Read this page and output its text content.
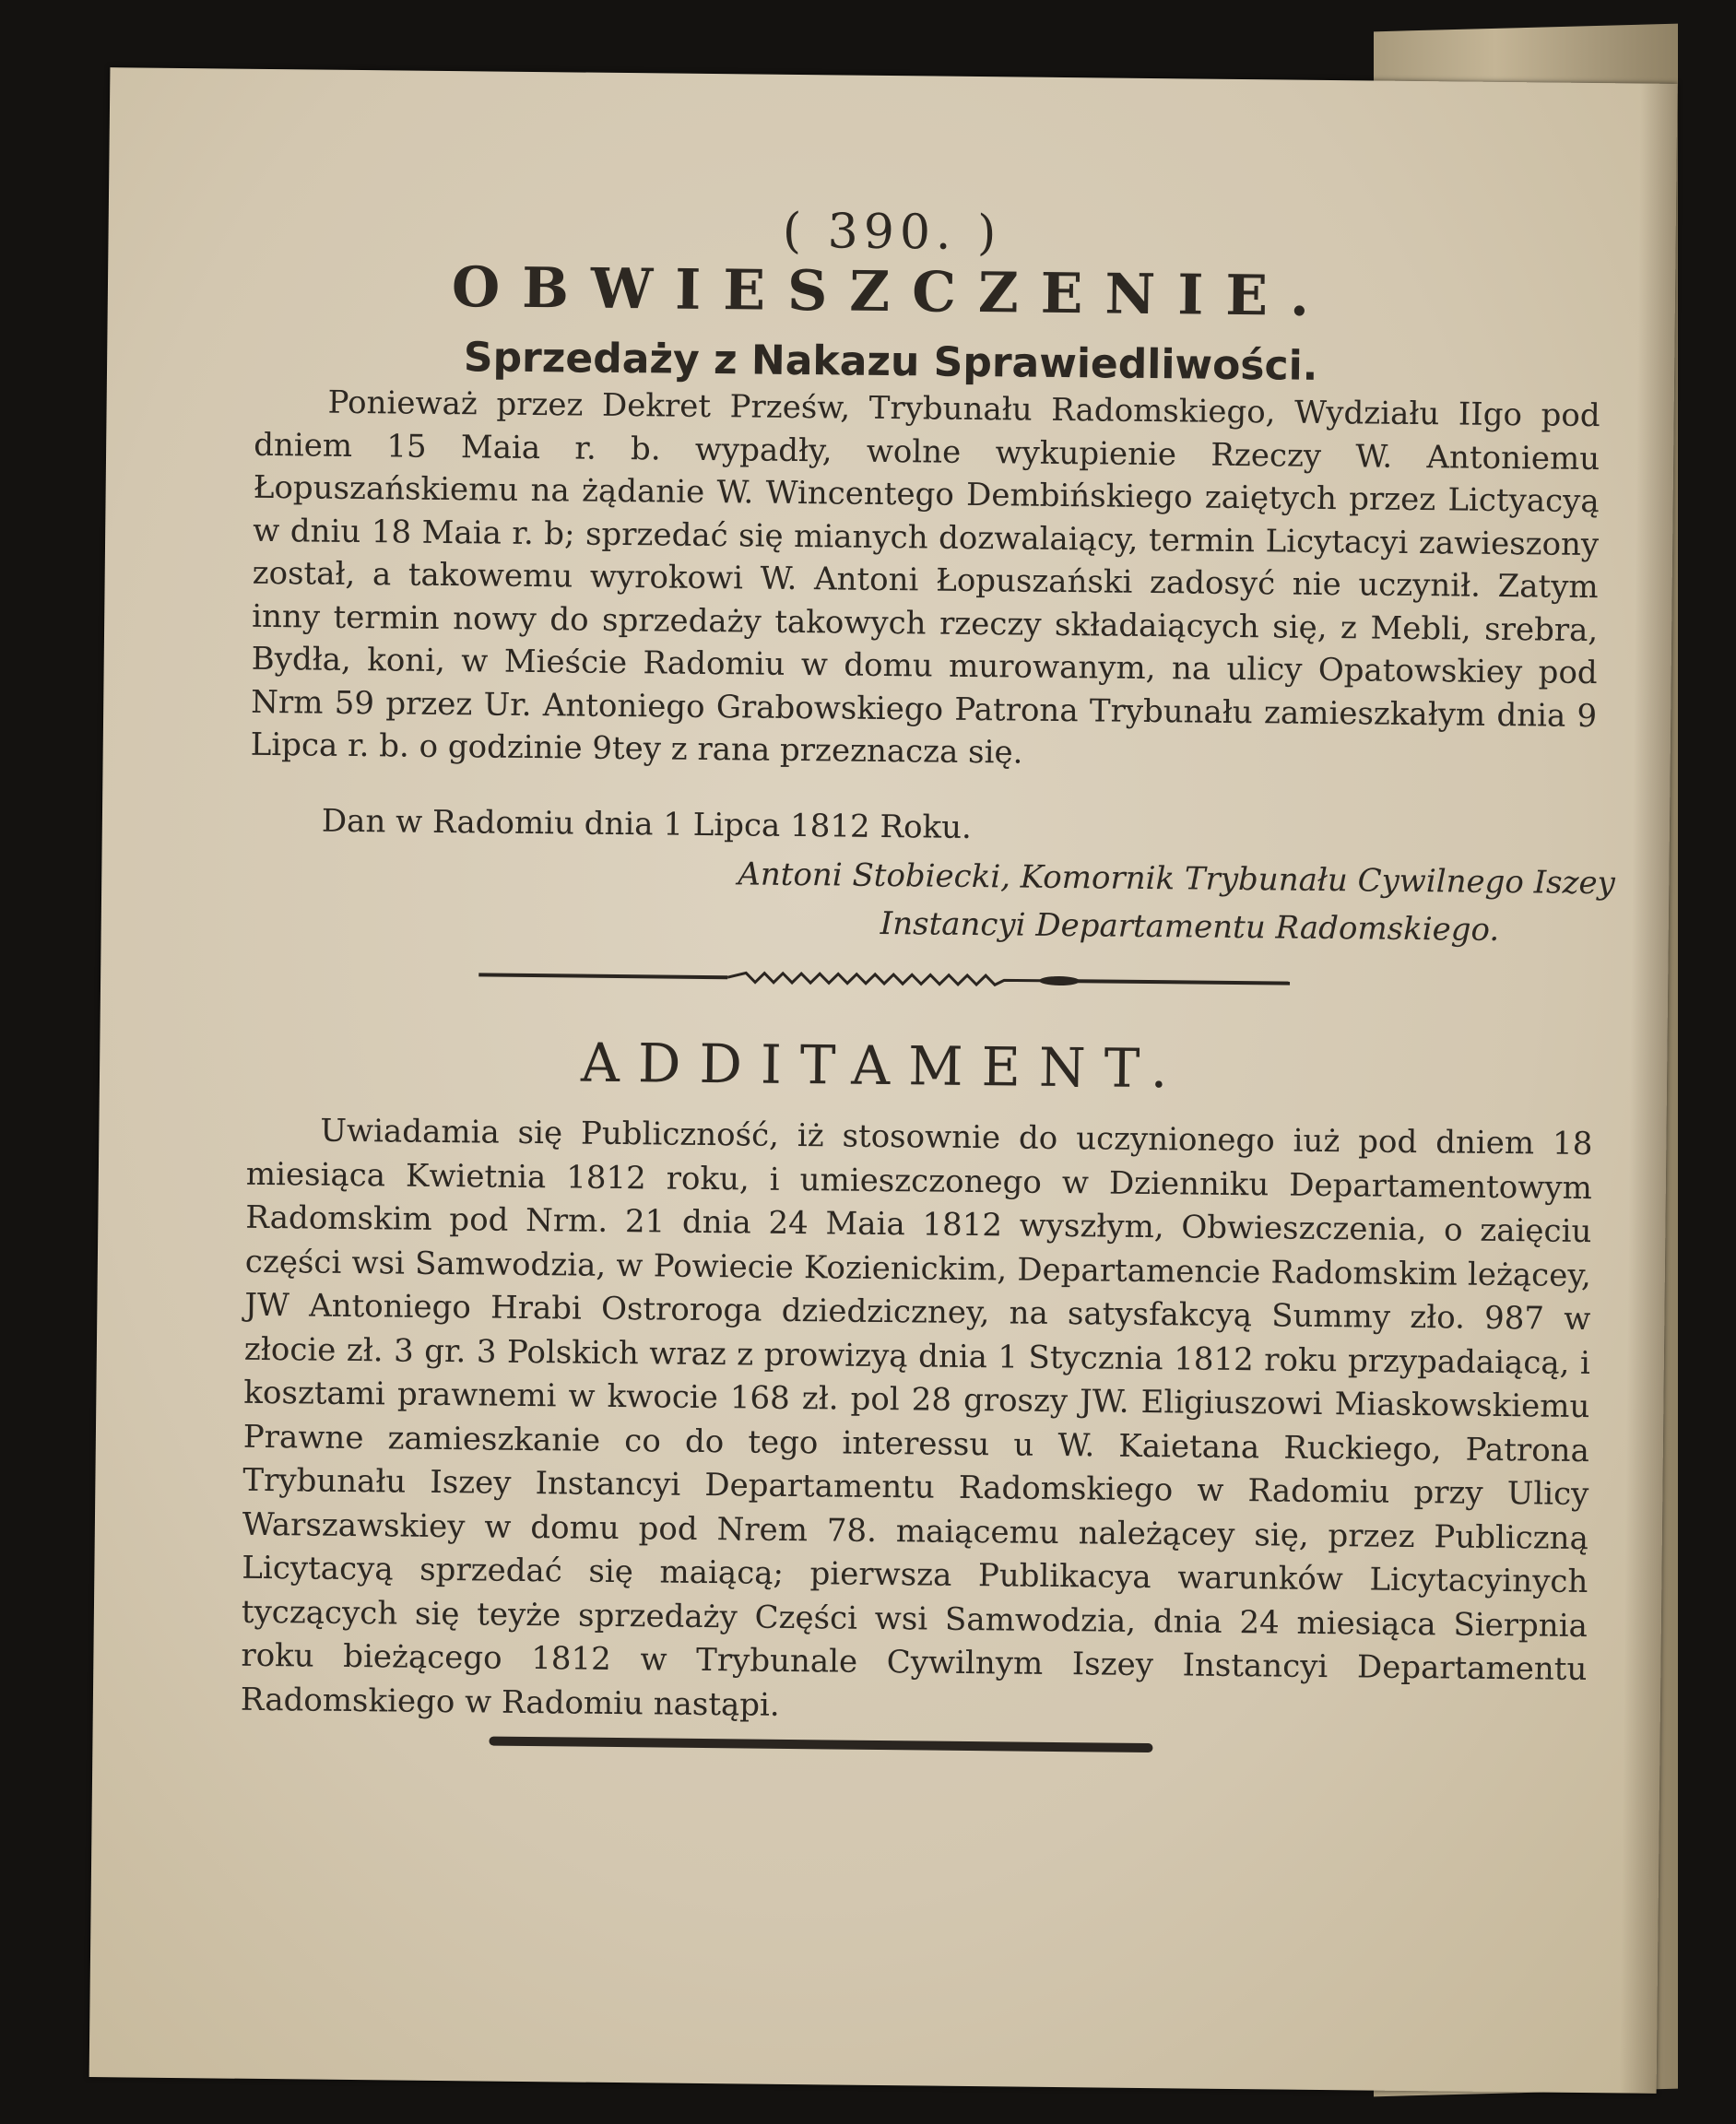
( 390. )
OBWIESZCZENIE.
Sprzedaży z Nakazu Sprawiedliwości.
Ponieważ przez Dekret Prześw, Trybunału Radomskiego, Wydziału IIgo pod dniem 15 Maia r. b. wypadły, wolne wykupienie Rzeczy W. Antoniemu Łopuszańskiemu na żądanie W. Wincentego Dembińskiego zaiętych przez Lictyacyą w dniu 18 Maia r. b; sprzedać się mianych dozwalaiący, termin Licytacyi zawieszony został, a takowemu wyrokowi W. Antoni Łopuszański zadosyć nie uczynił. Zatym inny termin nowy do sprzedaży takowych rzeczy składaiących się, z Mebli, srebra, Bydła, koni, w Mieście Radomiu w domu murowanym, na ulicy Opatowskiey pod Nrm 59 przez Ur. Antoniego Grabowskiego Patrona Trybunału zamieszkałym dnia 9 Lipca r. b. o godzinie 9tey z rana przeznacza się.
Dan w Radomiu dnia 1 Lipca 1812 Roku.
Antoni Stobiecki, Komornik Trybunału Cywilnego Iszey
Instancyi Departamentu Radomskiego.
ADDITAMENT.
Uwiadamia się Publiczność, iż stosownie do uczynionego iuż pod dniem 18 miesiąca Kwietnia 1812 roku, i umieszczonego w Dzienniku Departamentowym Radomskim pod Nrm. 21 dnia 24 Maia 1812 wyszłym, Obwieszczenia, o zaięciu części wsi Samwodzia, w Powiecie Kozienickim, Departamencie Radomskim leżącey, JW Antoniego Hrabi Ostroroga dziedziczney, na satysfakcyą Summy zło. 987 w złocie zł. 3 gr. 3 Polskich wraz z prowizyą dnia 1 Stycznia 1812 roku przypadaiącą, i kosztami prawnemi w kwocie 168 zł. pol 28 groszy JW. Eligiuszowi Miaskowskiemu Prawne zamieszkanie co do tego interessu u W. Kaietana Ruckiego, Patrona Trybunału Iszey Instancyi Departamentu Radomskiego w Radomiu przy Ulicy Warszawskiey w domu pod Nrem 78. maiącemu należącey się, przez Publiczną Licytacyą sprzedać się maiącą; pierwsza Publikacya warunków Licytacyinych tyczących się teyże sprzedaży Części wsi Samwodzia, dnia 24 miesiąca Sierpnia roku bieżącego 1812 w Trybunale Cywilnym Iszey Instancyi Departamentu Radomskiego w Radomiu nastąpi.
